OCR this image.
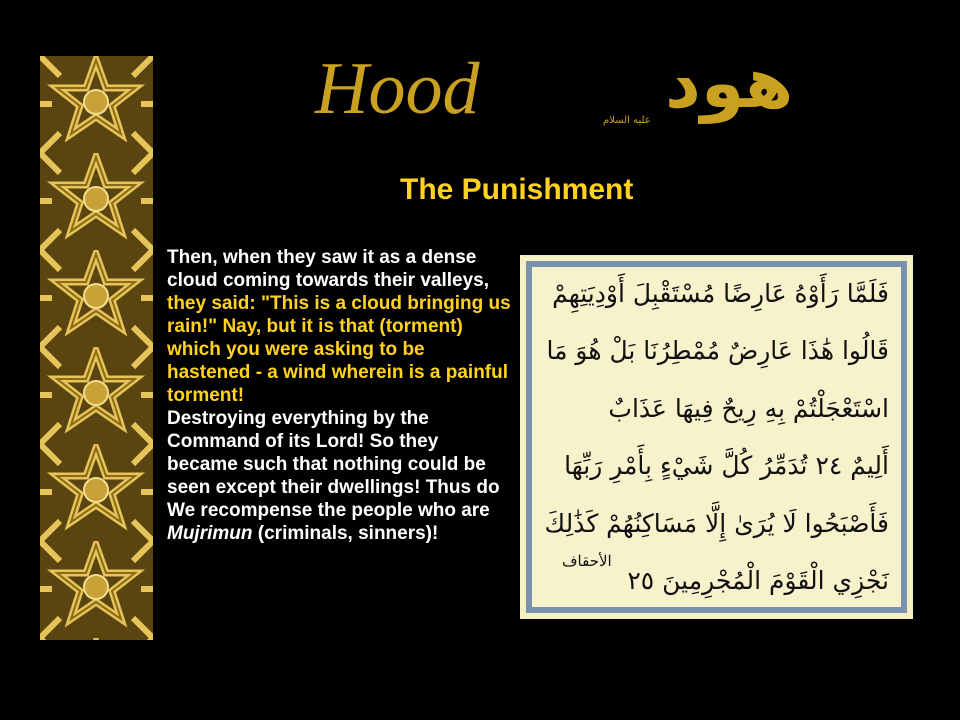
Hood	عليه السلام هود
The Punishment
Then, when they saw it as a dense cloud coming towards their valleys, they said: "This is a cloud bringing us rain!" Nay, but it is that (torment) which you were asking to be hastened - a wind wherein is a painful torment!
Destroying everything by the Command of its Lord! So they became such that nothing could be seen except their dwellings! Thus do We recompense the people who are Mujrimun (criminals, sinners)!
فَلَمَّا رَأَوْهُ عَارِضًا مُسْتَقْبِلَ أَوْدِيَتِهِمْ
قَالُوا هَٰذَا عَارِضٌ مُمْطِرُنَا بَلْ هُوَ مَا
اسْتَعْجَلْتُمْ بِهِ رِيحٌ فِيهَا عَذَابٌ
أَلِيمٌ ٢٤ تُدَمِّرُ كُلَّ شَيْءٍ بِأَمْرِ رَبِّهَا
فَأَصْبَحُوا لَا يُرَىٰ إِلَّا مَسَاكِنُهُمْ كَذَٰلِكَ
نَجْزِي الْقَوْمَ الْمُجْرِمِينَ ٢٥
الأحقاف
